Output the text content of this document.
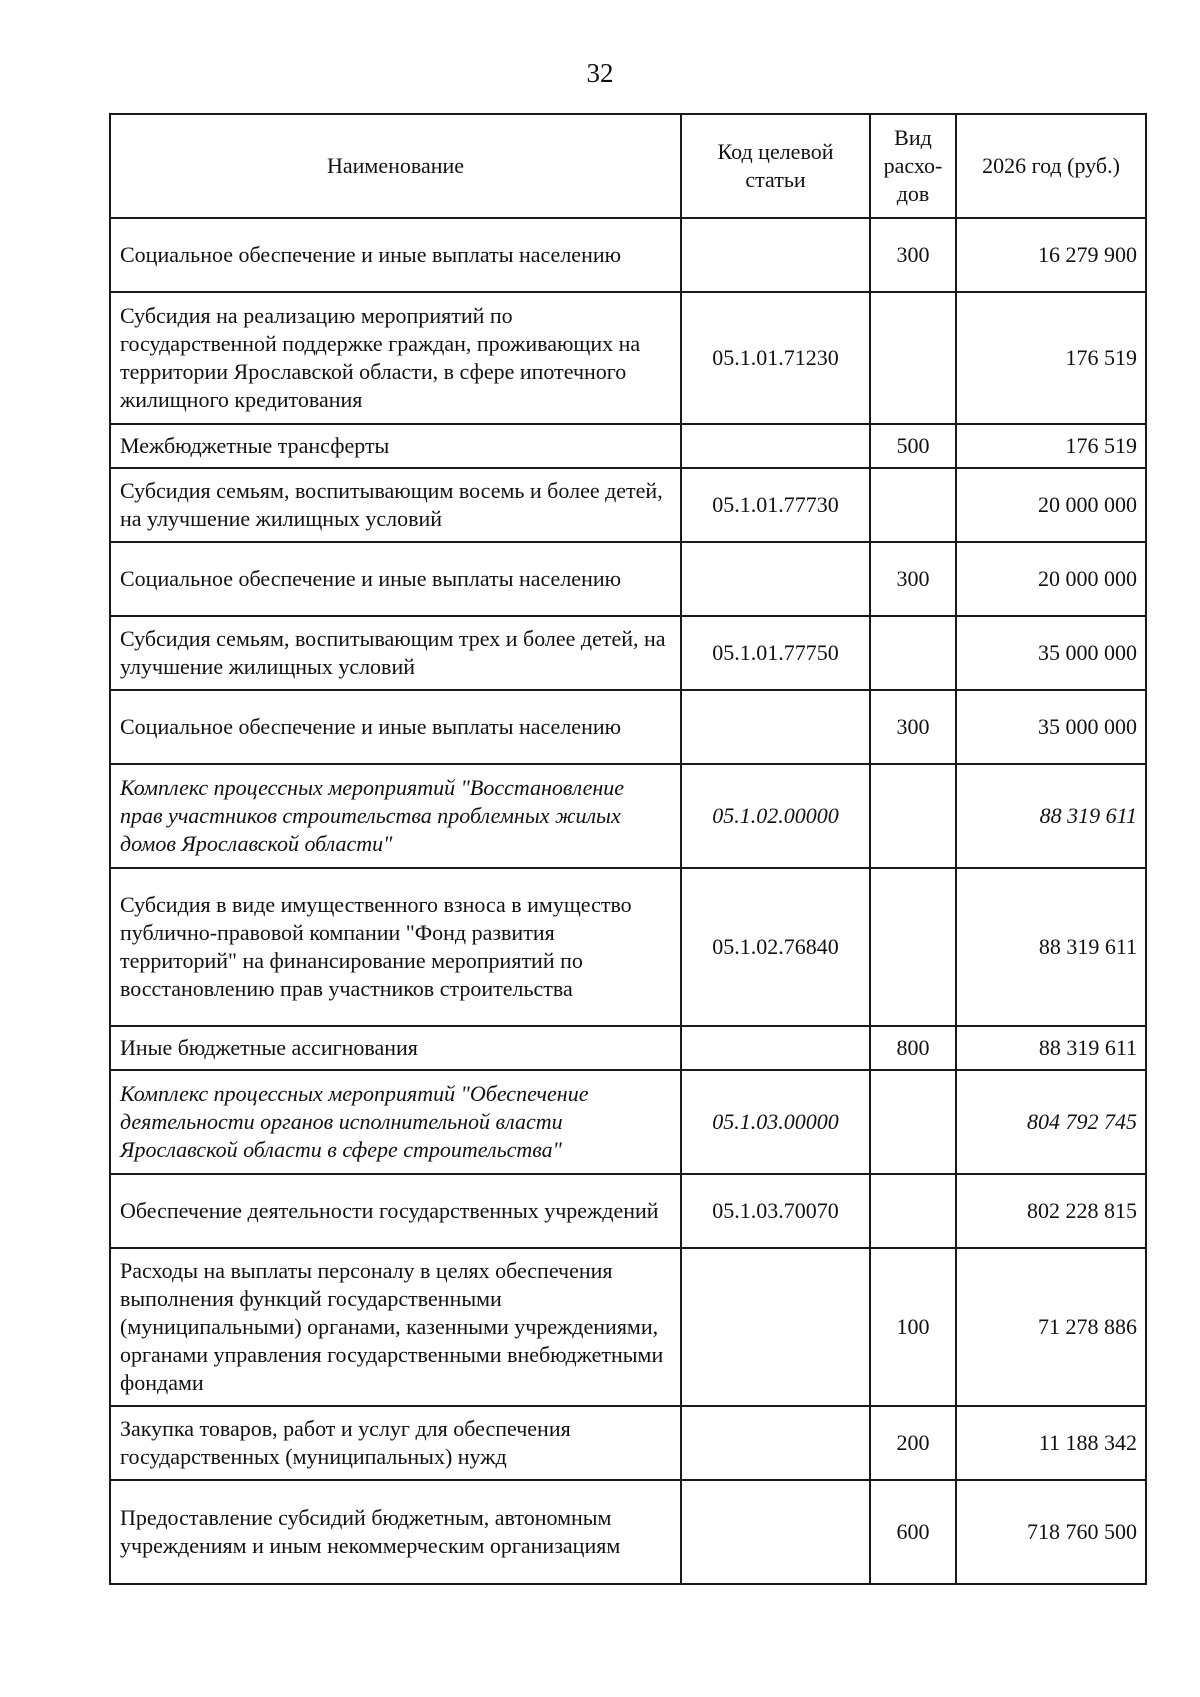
32
Наименование	Код целевой статьи	Вид расхо-дов	2026 год (руб.)
Социальное обеспечение и иные выплаты населению		300	16 279 900
Субсидия на реализацию мероприятий по государственной поддержке граждан, проживающих на территории Ярославской области, в сфере ипотечного жилищного кредитования	05.1.01.71230		176 519
Межбюджетные трансферты		500	176 519
Субсидия семьям, воспитывающим восемь и более детей, на улучшение жилищных условий	05.1.01.77730		20 000 000
Социальное обеспечение и иные выплаты населению		300	20 000 000
Субсидия семьям, воспитывающим трех и более детей, на улучшение жилищных условий	05.1.01.77750		35 000 000
Социальное обеспечение и иные выплаты населению		300	35 000 000
Комплекс процессных мероприятий "Восстановление прав участников строительства проблемных жилых домов Ярославской области"	05.1.02.00000		88 319 611
Субсидия в виде имущественного взноса в имущество публично-правовой компании "Фонд развития территорий" на финансирование мероприятий по восстановлению прав участников строительства	05.1.02.76840		88 319 611
Иные бюджетные ассигнования		800	88 319 611
Комплекс процессных мероприятий "Обеспечение деятельности органов исполнительной власти Ярославской области в сфере строительства"	05.1.03.00000		804 792 745
Обеспечение деятельности государственных учреждений	05.1.03.70070		802 228 815
Расходы на выплаты персоналу в целях обеспечения выполнения функций государственными (муниципальными) органами, казенными учреждениями, органами управления государственными внебюджетными фондами		100	71 278 886
Закупка товаров, работ и услуг для обеспечения государственных (муниципальных) нужд		200	11 188 342
Предоставление субсидий бюджетным, автономным учреждениям и иным некоммерческим организациям		600	718 760 500
